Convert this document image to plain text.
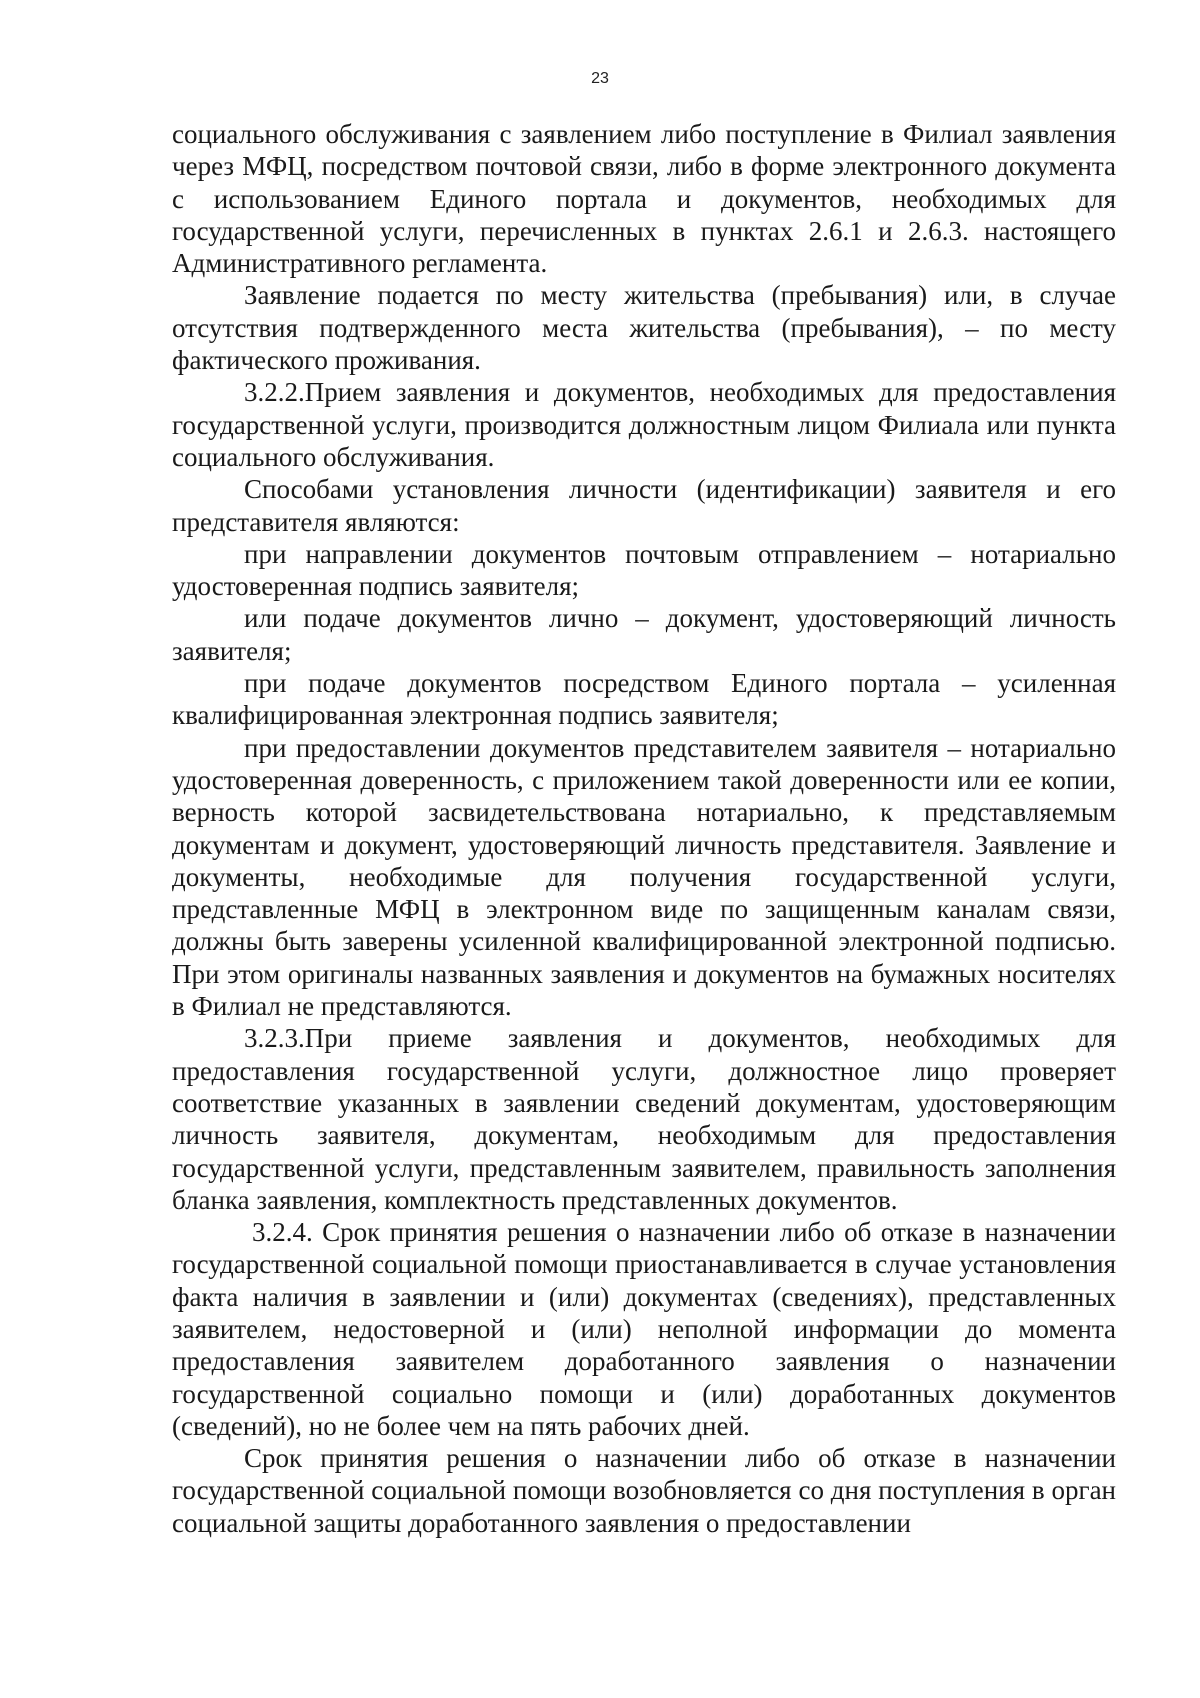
23

социального обслуживания с заявлением либо поступление в Филиал заявления через МФЦ, посредством почтовой связи, либо в форме электронного документа с использованием Единого портала и документов, необходимых для государственной услуги, перечисленных в пунктах 2.6.1 и 2.6.3. настоящего Административного регламента.

Заявление подается по месту жительства (пребывания) или, в случае отсутствия подтвержденного места жительства (пребывания), – по месту фактического проживания.

3.2.2.Прием заявления и документов, необходимых для предоставления государственной услуги, производится должностным лицом Филиала или пункта социального обслуживания.

Способами установления личности (идентификации) заявителя и его представителя являются:

при направлении документов почтовым отправлением – нотариально удостоверенная подпись заявителя;

или подаче документов лично – документ, удостоверяющий личность заявителя;

при подаче документов посредством Единого портала – усиленная квалифицированная электронная подпись заявителя;

при предоставлении документов представителем заявителя – нотариально удостоверенная доверенность, с приложением такой доверенности или ее копии, верность которой засвидетельствована нотариально, к представляемым документам и документ, удостоверяющий личность представителя. Заявление и документы, необходимые для получения государственной услуги, представленные МФЦ в электронном виде по защищенным каналам связи, должны быть заверены усиленной квалифицированной электронной подписью. При этом оригиналы названных заявления и документов на бумажных носителях в Филиал не представляются.

3.2.3.При приеме заявления и документов, необходимых для предоставления государственной услуги, должностное лицо проверяет соответствие указанных в заявлении сведений документам, удостоверяющим личность заявителя, документам, необходимым для предоставления государственной услуги, представленным заявителем, правильность заполнения бланка заявления, комплектность представленных документов.

3.2.4. Срок принятия решения о назначении либо об отказе в назначении государственной социальной помощи приостанавливается в случае установления факта наличия в заявлении и (или) документах (сведениях), представленных заявителем, недостоверной и (или) неполной информации до момента предоставления заявителем доработанного заявления о назначении государственной социально помощи и (или) доработанных документов (сведений), но не более чем на пять рабочих дней.

Срок принятия решения о назначении либо об отказе в назначении государственной социальной помощи возобновляется со дня поступления в орган социальной защиты доработанного заявления о предоставлении
